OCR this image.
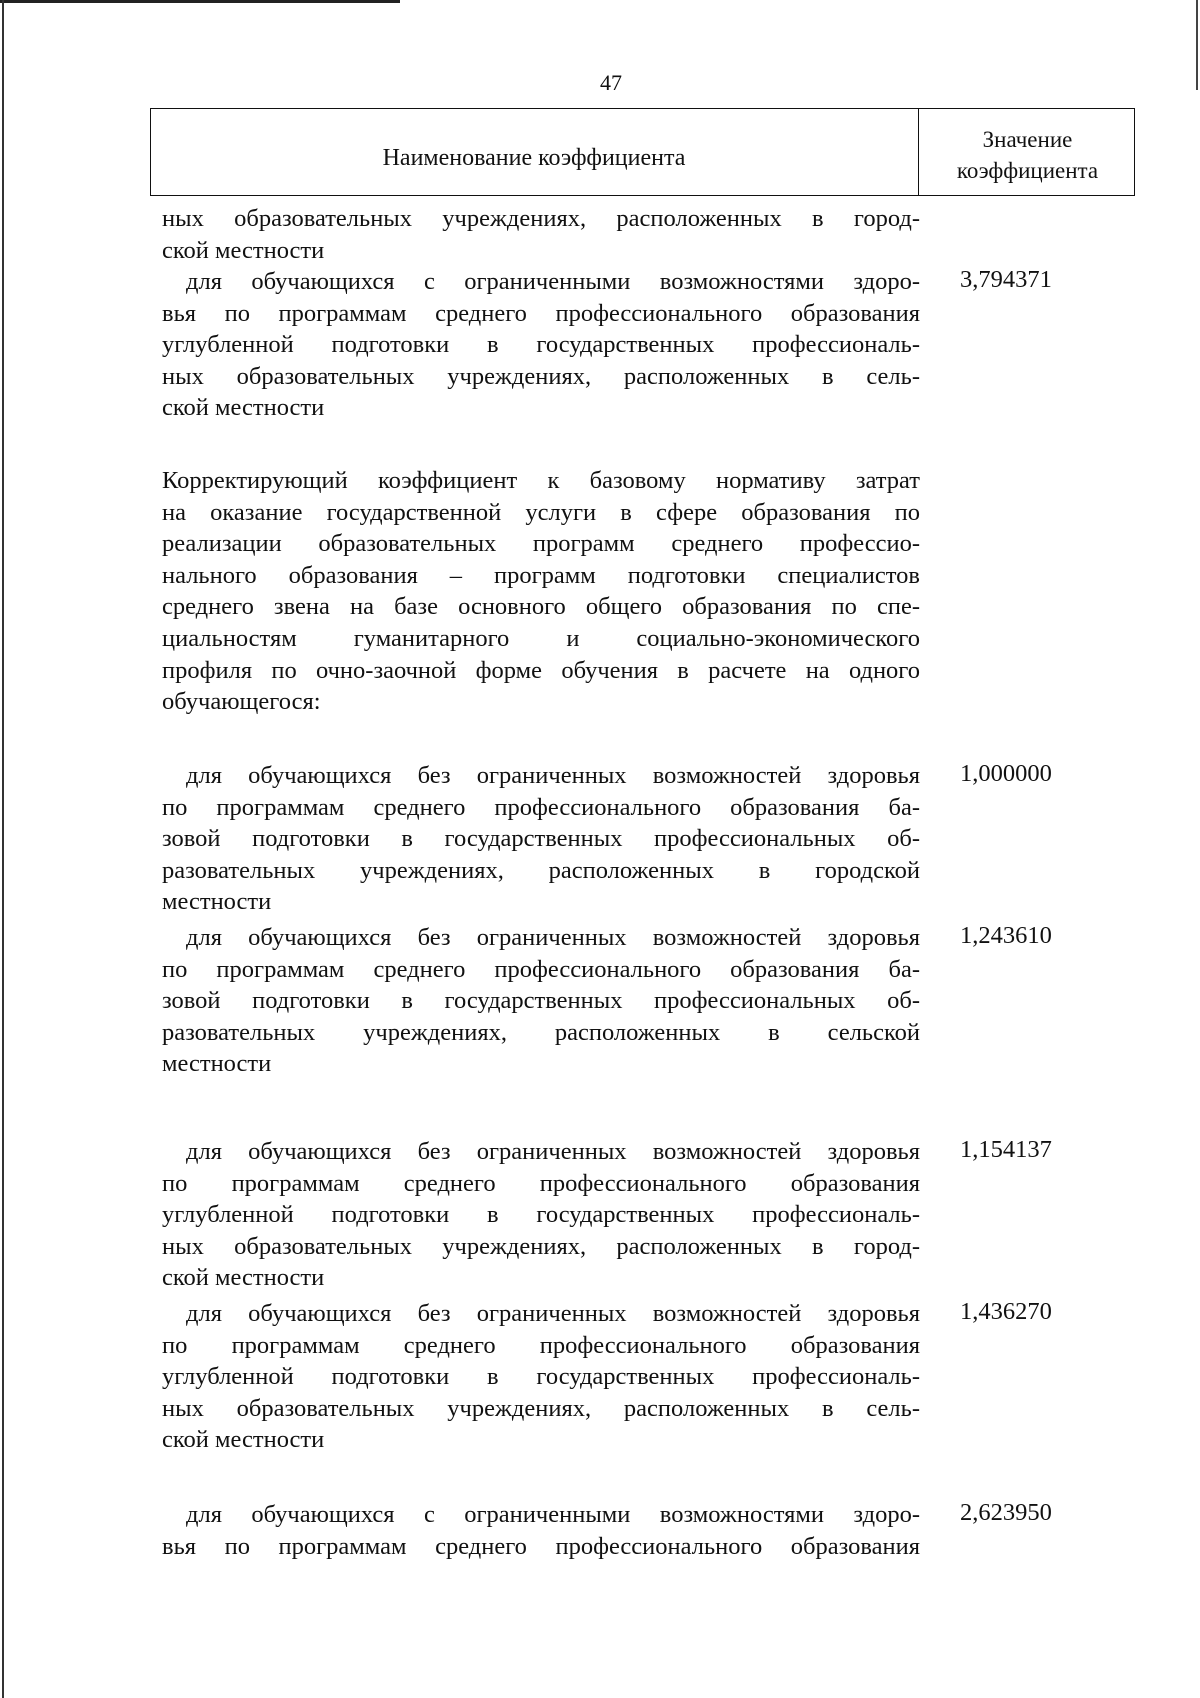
47
Наименование коэффициента
Значение
коэффициента
ных образовательных учреждениях, расположенных в город-
ской местности
для обучающихся с ограниченными возможностями здоро-
вья по программам среднего профессионального образования
углубленной подготовки в государственных профессиональ-
ных образовательных учреждениях, расположенных в сель-
ской местности
3,794371
Корректирующий коэффициент к базовому нормативу затрат
на оказание государственной услуги в сфере образования по
реализации образовательных программ среднего профессио-
нального образования – программ подготовки специалистов
среднего звена на базе основного общего образования по спе-
циальностям гуманитарного и социально-экономического
профиля по очно-заочной форме обучения в расчете на одного
обучающегося:
для обучающихся без ограниченных возможностей здоровья
по программам среднего профессионального образования ба-
зовой подготовки в государственных профессиональных об-
разовательных учреждениях, расположенных в городской
местности
1,000000
для обучающихся без ограниченных возможностей здоровья
по программам среднего профессионального образования ба-
зовой подготовки в государственных профессиональных об-
разовательных учреждениях, расположенных в сельской
местности
1,243610
для обучающихся без ограниченных возможностей здоровья
по программам среднего профессионального образования
углубленной подготовки в государственных профессиональ-
ных образовательных учреждениях, расположенных в город-
ской местности
1,154137
для обучающихся без ограниченных возможностей здоровья
по программам среднего профессионального образования
углубленной подготовки в государственных профессиональ-
ных образовательных учреждениях, расположенных в сель-
ской местности
1,436270
для обучающихся с ограниченными возможностями здоро-
вья по программам среднего профессионального образования
2,623950
